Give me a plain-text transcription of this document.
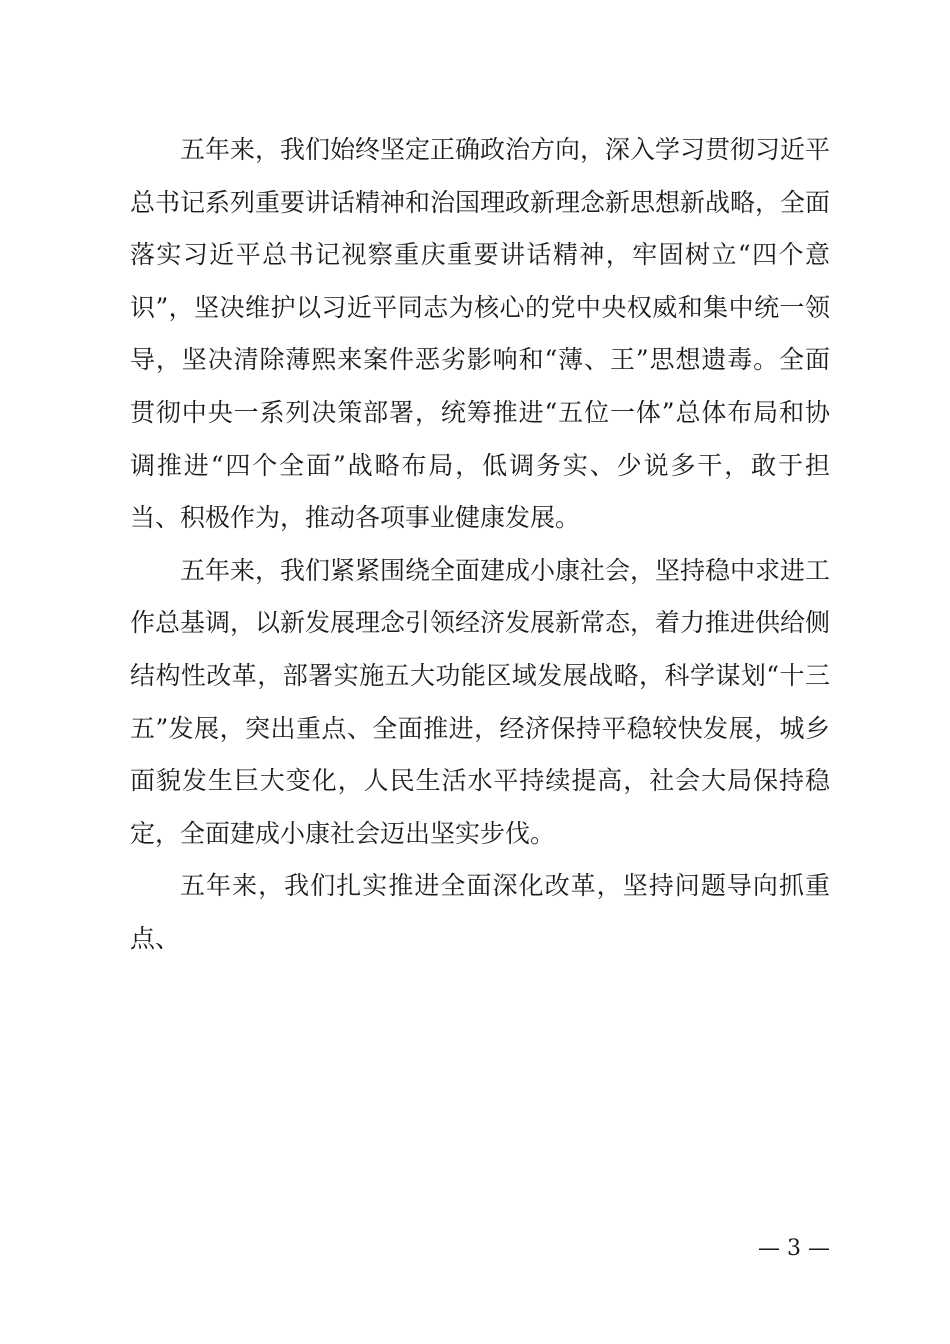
五年来，我们始终坚定正确政治方向，深入学习贯彻习近平总书记系列重要讲话精神和治国理政新理念新思想新战略，全面落实习近平总书记视察重庆重要讲话精神，牢固树立“四个意识”，坚决维护以习近平同志为核心的党中央权威和集中统一领导，坚决清除薄熙来案件恶劣影响和“薄、王”思想遗毒。全面贯彻中央一系列决策部署，统筹推进“五位一体”总体布局和协调推进“四个全面”战略布局，低调务实、少说多干，敢于担当、积极作为，推动各项事业健康发展。

五年来，我们紧紧围绕全面建成小康社会，坚持稳中求进工作总基调，以新发展理念引领经济发展新常态，着力推进供给侧结构性改革，部署实施五大功能区域发展战略，科学谋划“十三五”发展，突出重点、全面推进，经济保持平稳较快发展，城乡面貌发生巨大变化，人民生活水平持续提高，社会大局保持稳定，全面建成小康社会迈出坚实步伐。

五年来，我们扎实推进全面深化改革，坚持问题导向抓重点、

— 3 —
